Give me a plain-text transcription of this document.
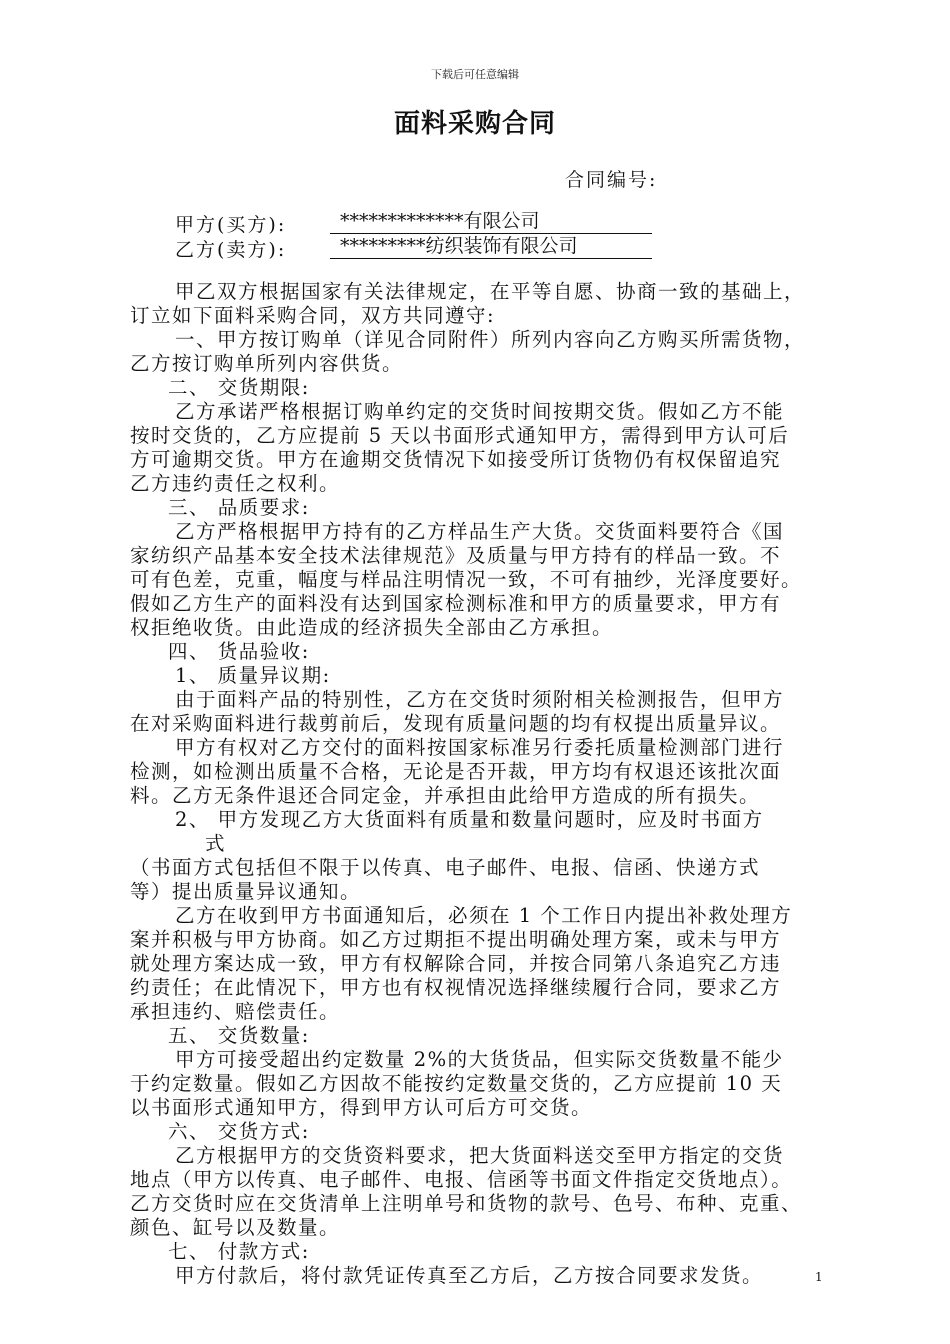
下载后可任意编辑
面料采购合同
合同编号:
甲方(买方):	*************有限公司
乙方(卖方):	*********纺织装饰有限公司
甲乙双方根据国家有关法律规定，在平等自愿、协商一致的基础上，
订立如下面料采购合同，双方共同遵守:
一、甲方按订购单（详见合同附件）所列内容向乙方购买所需货物，
乙方按订购单所列内容供货。
二、 交货期限:
乙方承诺严格根据订购单约定的交货时间按期交货。假如乙方不能
按时交货的，乙方应提前 5 天以书面形式通知甲方，需得到甲方认可后
方可逾期交货。甲方在逾期交货情况下如接受所订货物仍有权保留追究
乙方违约责任之权利。
三、 品质要求:
乙方严格根据甲方持有的乙方样品生产大货。交货面料要符合《国
家纺织产品基本安全技术法律规范》及质量与甲方持有的样品一致。不
可有色差，克重，幅度与样品注明情况一致，不可有抽纱，光泽度要好。
假如乙方生产的面料没有达到国家检测标准和甲方的质量要求，甲方有
权拒绝收货。由此造成的经济损失全部由乙方承担。
四、 货品验收:
1、 质量异议期:
由于面料产品的特别性，乙方在交货时须附相关检测报告，但甲方
在对采购面料进行裁剪前后，发现有质量问题的均有权提出质量异议。
甲方有权对乙方交付的面料按国家标准另行委托质量检测部门进行
检测，如检测出质量不合格，无论是否开裁，甲方均有权退还该批次面
料。乙方无条件退还合同定金，并承担由此给甲方造成的所有损失。
2、 甲方发现乙方大货面料有质量和数量问题时，应及时书面方
式
（书面方式包括但不限于以传真、电子邮件、电报、信函、快递方式
等）提出质量异议通知。
乙方在收到甲方书面通知后，必须在 1 个工作日内提出补救处理方
案并积极与甲方协商。如乙方过期拒不提出明确处理方案，或未与甲方
就处理方案达成一致，甲方有权解除合同，并按合同第八条追究乙方违
约责任；在此情况下，甲方也有权视情况选择继续履行合同，要求乙方
承担违约、赔偿责任。
五、 交货数量:
甲方可接受超出约定数量 2%的大货货品，但实际交货数量不能少
于约定数量。假如乙方因故不能按约定数量交货的，乙方应提前 10 天
以书面形式通知甲方，得到甲方认可后方可交货。
六、 交货方式:
乙方根据甲方的交货资料要求，把大货面料送交至甲方指定的交货
地点（甲方以传真、电子邮件、电报、信函等书面文件指定交货地点）。
乙方交货时应在交货清单上注明单号和货物的款号、色号、布种、克重、
颜色、缸号以及数量。
七、 付款方式:
甲方付款后，将付款凭证传真至乙方后，乙方按合同要求发货。	1
